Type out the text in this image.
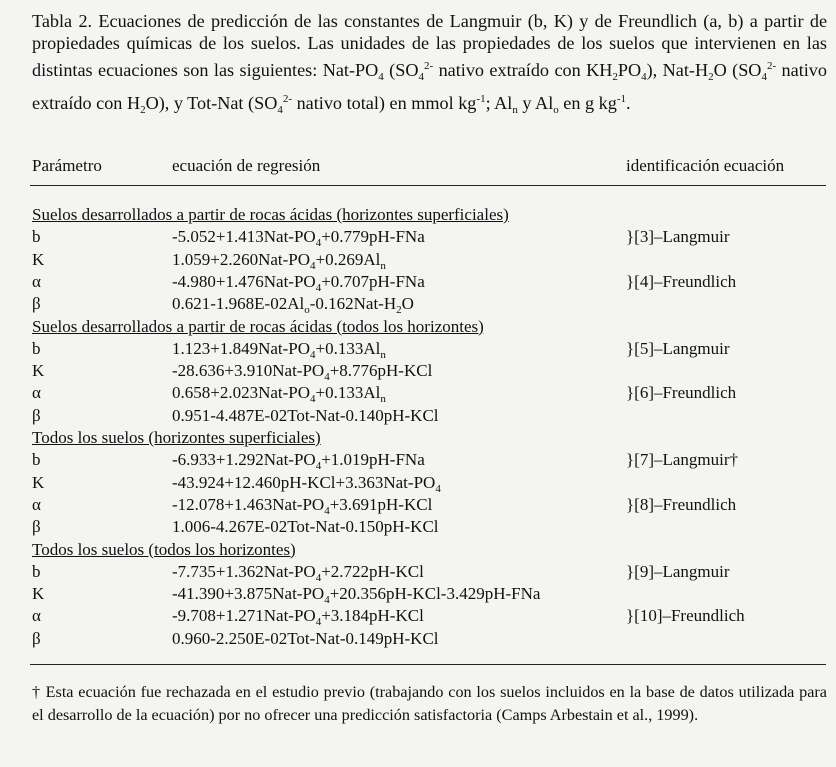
Tabla 2. Ecuaciones de predicción de las constantes de Langmuir (b, K) y de Freundlich (a, b) a partir de propiedades químicas de los suelos. Las unidades de las propiedades de los suelos que intervienen en las distintas ecuaciones son las siguientes: Nat-$PO_4$ ($SO_4^{2-}$ nativo extraído con $KH_2PO_4$), Nat-$H_2O$ ($SO_4^{2-}$ nativo extraído con $H_2O$), y Tot-Nat ($SO_4^{2-}$ nativo total) en mmol $kg^{-1}$; $Al_n$ y $Al_o$ en g $kg^{-1}$.
Parámetro	ecuación de regresión	identificación ecuación
Suelos desarrollados a partir de rocas ácidas (horizontes superficiales)
b	$-5.052+1.413Nat-PO_4+0.779pH$-FNa	}[3]–Langmuir
K	$1.059+2.260Nat-PO_4+0.269Al_n$
α	$-4.980+1.476Nat-PO_4+0.707pH$-FNa	}[4]–Freundlich
β	$0.621-1.968E-02Al_o-0.162Nat-H_2O$
Suelos desarrollados a partir de rocas ácidas (todos los horizontes)
b	$1.123+1.849Nat-PO_4+0.133Al_n$	}[5]–Langmuir
K	$-28.636+3.910Nat-PO_4+8.776pH$-KCl
α	$0.658+2.023Nat-PO_4+0.133Al_n$	}[6]–Freundlich
β	0.951-4.487E-02Tot-Nat-0.140pH-KCl
Todos los suelos (horizontes superficiales)
b	$-6.933+1.292Nat-PO_4+1.019pH$-FNa	}[7]–Langmuir†
K	$-43.924+12.460pH-KCl+3.363Nat-PO_4$
α	$-12.078+1.463Nat-PO_4+3.691pH$-KCl	}[8]–Freundlich
β	1.006-4.267E-02Tot-Nat-0.150pH-KCl
Todos los suelos (todos los horizontes)
b	$-7.735+1.362Nat-PO_4+2.722pH$-KCl	}[9]–Langmuir
K	$-41.390+3.875Nat-PO_4+20.356pH-KCl-3.429pH$-FNa
α	$-9.708+1.271Nat-PO_4+3.184pH$-KCl	}[10]–Freundlich
β	0.960-2.250E-02Tot-Nat-0.149pH-KCl
† Esta ecuación fue rechazada en el estudio previo (trabajando con los suelos incluidos en la base de datos utilizada para el desarrollo de la ecuación) por no ofrecer una predicción satisfactoria (Camps Arbestain et al., 1999).
